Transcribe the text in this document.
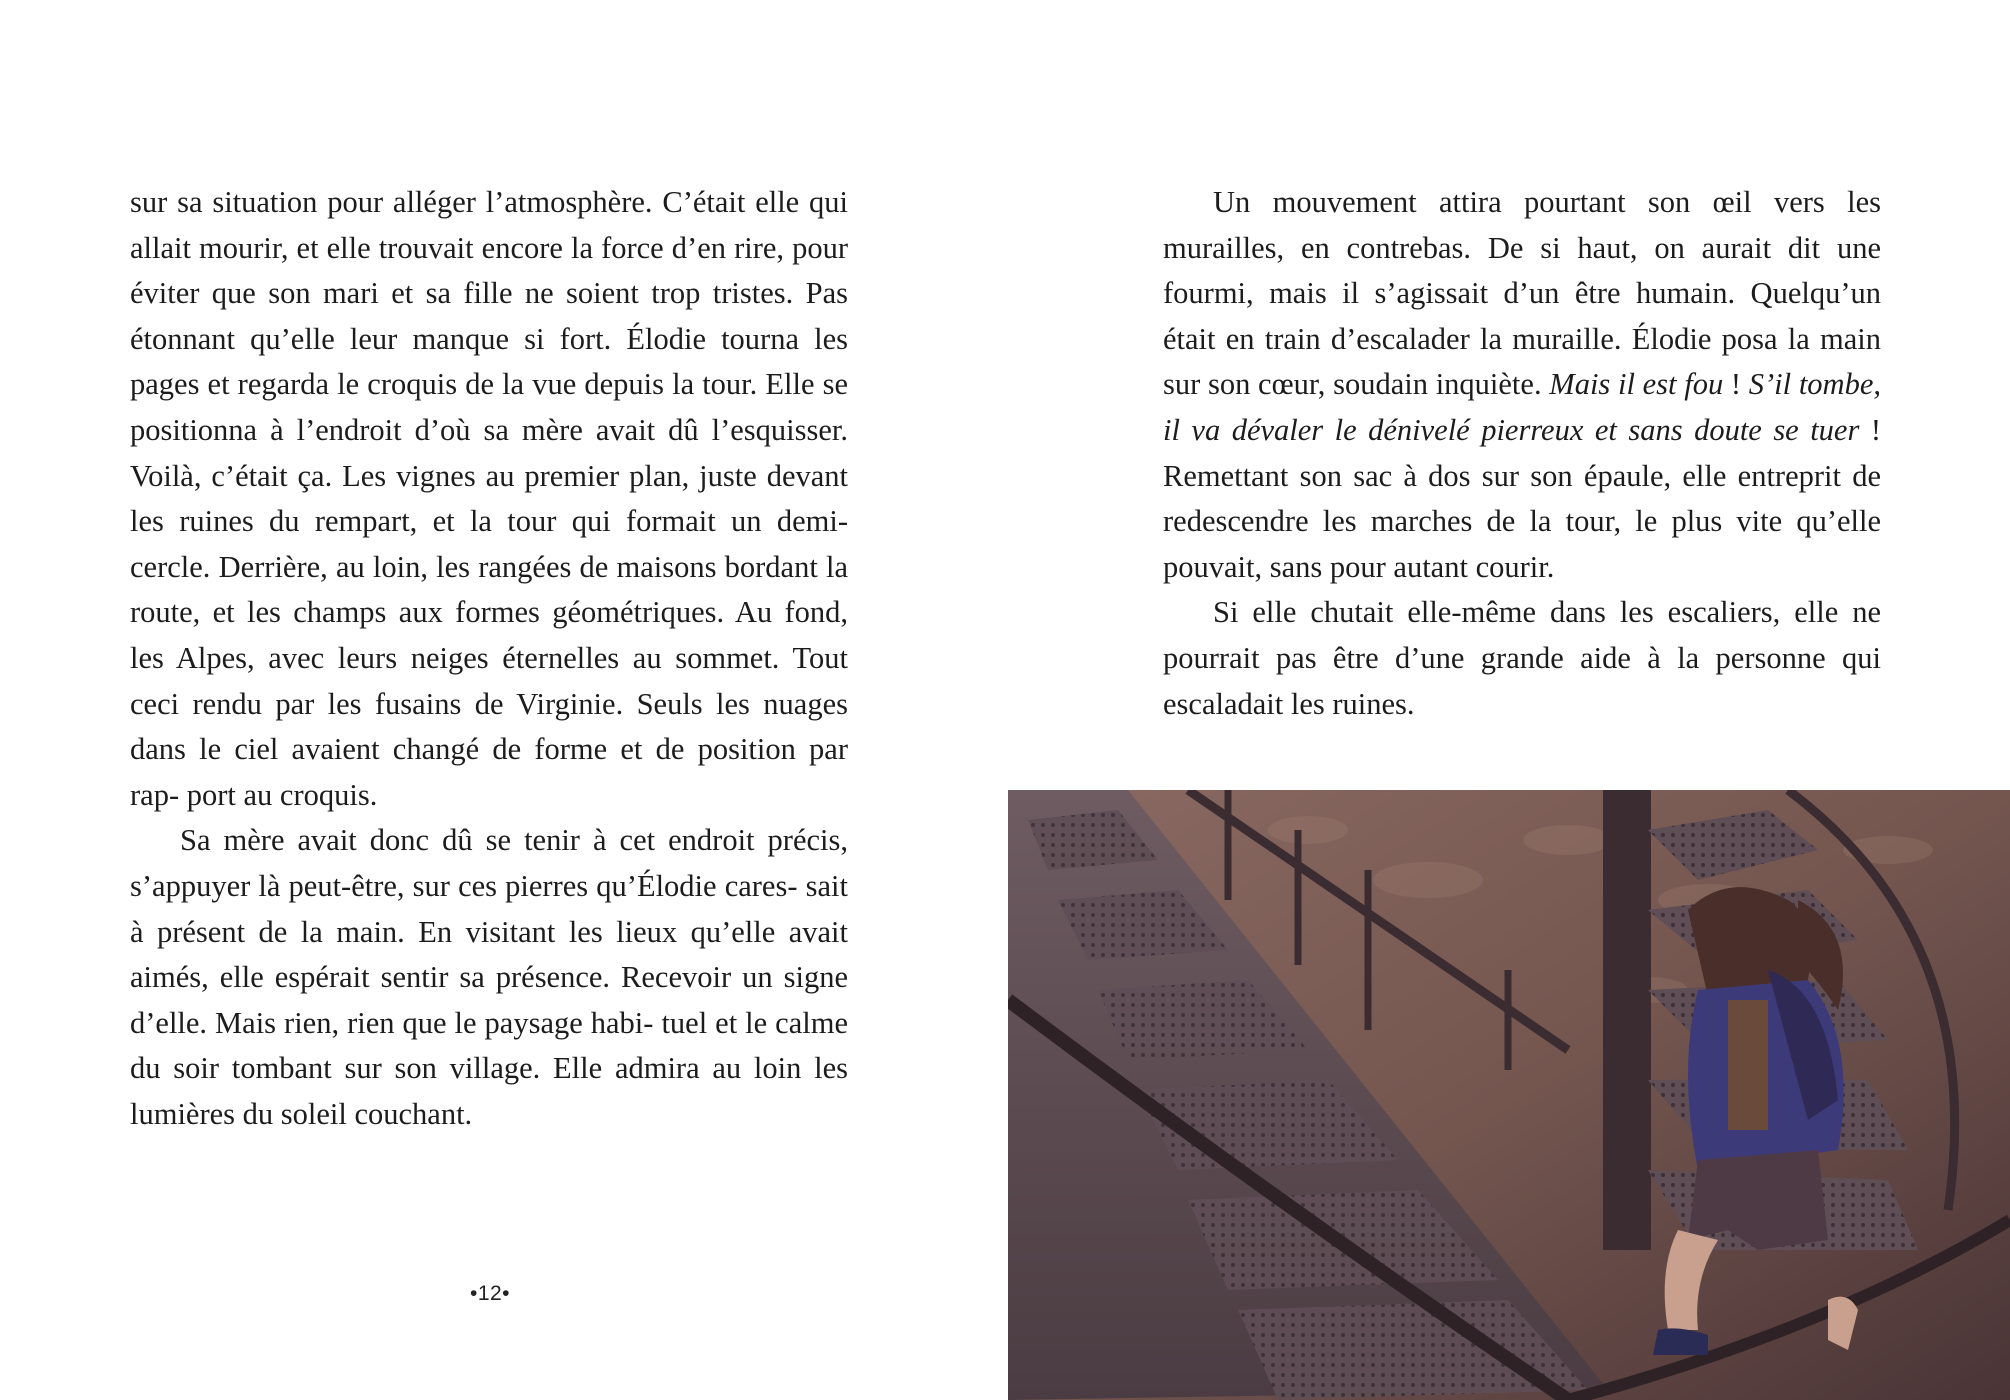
sur sa situation pour alléger l’atmosphère. C’était elle qui allait mourir, et elle trouvait encore la force d’en rire, pour éviter que son mari et sa fille ne soient trop tristes. Pas étonnant qu’elle leur manque si fort. Élodie tourna les pages et regarda le croquis de la vue depuis la tour. Elle se positionna à l’endroit d’où sa mère avait dû l’esquisser. Voilà, c’était ça. Les vignes au premier plan, juste devant les ruines du rempart, et la tour qui formait un demi-cercle. Derrière, au loin, les rangées de maisons bordant la route, et les champs aux formes géométriques. Au fond, les Alpes, avec leurs neiges éternelles au sommet. Tout ceci rendu par les fusains de Virginie. Seuls les nuages dans le ciel avaient changé de forme et de position par rap- port au croquis.

Sa mère avait donc dû se tenir à cet endroit précis, s’appuyer là peut-être, sur ces pierres qu’Élodie cares- sait à présent de la main. En visitant les lieux qu’elle avait aimés, elle espérait sentir sa présence. Recevoir un signe d’elle. Mais rien, rien que le paysage habi- tuel et le calme du soir tombant sur son village. Elle admira au loin les lumières du soleil couchant.

•12•

Un mouvement attira pourtant son œil vers les murailles, en contrebas. De si haut, on aurait dit une fourmi, mais il s’agissait d’un être humain. Quelqu’un était en train d’escalader la muraille. Élodie posa la main sur son cœur, soudain inquiète. Mais il est fou ! S’il tombe, il va dévaler le dénivelé pierreux et sans doute se tuer ! Remettant son sac à dos sur son épaule, elle entreprit de redescendre les marches de la tour, le plus vite qu’elle pouvait, sans pour autant courir.

Si elle chutait elle-même dans les escaliers, elle ne pourrait pas être d’une grande aide à la personne qui escaladait les ruines.
